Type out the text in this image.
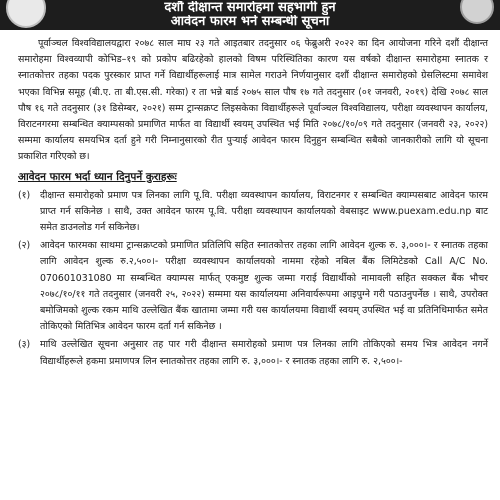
दशौं दीक्षान्त समारोहमा सहभागी हुन
आवेदन फारम भर्ने सम्बन्धी सूचना

पूर्वाञ्चल विश्वविद्यालयद्वारा २०७८ साल माघ २३ गते आइतबार तदनुसार ०६ फेब्रुअरी २०२२ का दिन आयोजना गरिने दशौं दीक्षान्त समारोहमा विश्वव्यापी कोभिड–१९ को प्रकोप बढिरहेको हालको विषम परिस्थितिका कारण यस वर्षको दीक्षान्त समारोहमा स्नातक र स्नातकोत्तर तहका पदक पुरस्कार प्राप्त गर्ने विद्यार्थीहरूलाई मात्र सामेल गराउने निर्णयानुसार दशौं दीक्षान्त समारोहको ग्रेसलिस्टमा समावेश भएका विभिन्न समूह (बी.ए. ता बी.एस.सी. गरेका) र ता भन्ने बार्ड २०७५ साल पौष १७ गते तदनुसार (०१ जनवरी, २०१९) देखि २०७८ साल पौष १६ गते तदनुसार (३१ डिसेम्बर, २०२१) सम्म ट्रान्सक्रप्ट लिइसकेका विद्यार्थीहरूले पूर्वाञ्चल विश्वविद्यालय, परीक्षा व्यवस्थापन कार्यालय, विराटनगरमा सम्बन्धित क्याम्पसको प्रमाणित मार्फत वा विद्यार्थी स्वयम् उपस्थित भई मिति २०७८/१०/०९ गते तदनुसार (जनवरी २३, २०२२) सम्ममा कार्यालय समयभित्र दर्ता हुने गरी निम्नानुसारको रीत पुऱ्याई आवेदन फारम दिनुहुन सम्बन्धित सबैको जानकारीको लागि यो सूचना प्रकाशित गरिएको छ।

आवेदन फारम भर्दा ध्यान दिनुपर्ने कुराहरूः
(१)	दीक्षान्त समारोहको प्रमाण पत्र लिनका लागि पू.वि. परीक्षा व्यवस्थापन कार्यालय, विराटनगर र सम्बन्धित क्याम्पसबाट आवेदन फारम प्राप्त गर्न सकिनेछ । साथै, उक्त आवेदन फारम पू.वि. परीक्षा व्यवस्थापन कार्यालयको वेबसाइट www.puexam.edu.np बाट समेत डाउनलोड गर्न सकिनेछ।
(२)	आवेदन फारमका साथमा ट्रान्सक्रप्टको प्रमाणित प्रतिलिपि सहित स्नातकोत्तर तहका लागि आवेदन शुल्क रु. ३,०००।- र स्नातक तहका लागि आवेदन शुल्क रु.२,५००।- परीक्षा व्यवस्थापन कार्यालयको नाममा रहेको नबिल बैंक लिमिटेडको Call A/C No. 070601031080 मा सम्बन्धित क्याम्पस मार्फत् एकमुष्ट शुल्क जम्मा गराई विद्यार्थीको नामावली सहित सक्कल बैंक भौचर २०७८/१०/११ गते तदनुसार (जनवरी २५, २०२२) सम्ममा यस कार्यालयमा अनिवार्यरूपमा आइपुग्ने गरी पठाउनुपर्नेछ । साथै, उपरोक्त बमोजिमको शुल्क रकम माथि उल्लेखित बैंक खातामा जम्मा गरी यस कार्यालयमा विद्यार्थी स्वयम् उपस्थित भई वा प्रतिनिधिमार्फत समेत तोकिएको मितिभित्र आवेदन फारम दर्ता गर्न सकिनेछ ।
(३)	माथि उल्लेखित सूचना अनुसार तह पार गरी दीक्षान्त समारोहको प्रमाण पत्र लिनका लागि तोकिएको समय भित्र आवेदन नगर्ने विद्यार्थीहरूले हकमा प्रमाणपत्र लिन स्नातकोत्तर तहका लागि रु. ३,०००।- र स्नातक तहका लागि रु. २,५००।-
